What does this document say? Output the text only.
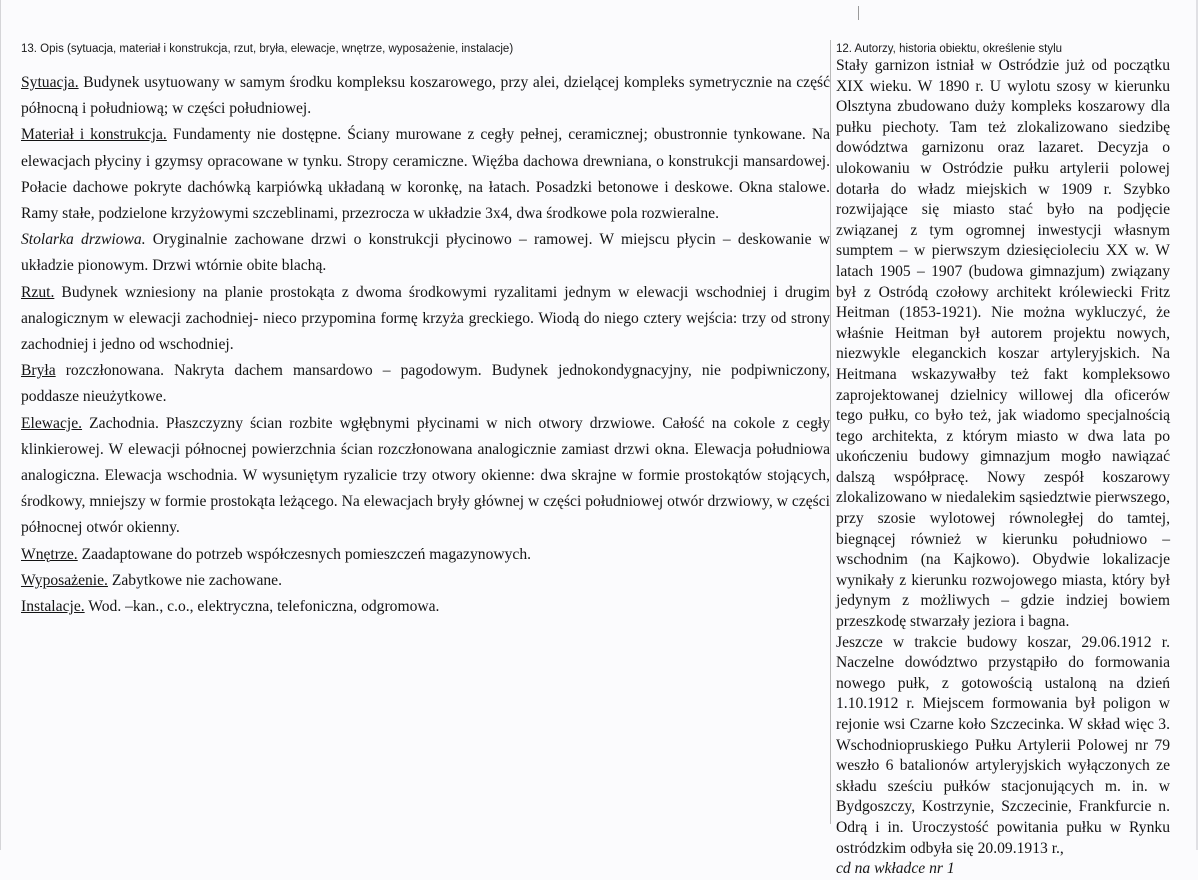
13. Opis (sytuacja, materiał i konstrukcja, rzut, bryła, elewacje, wnętrze, wyposażenie, instalacje)

Sytuacja. Budynek usytuowany w samym środku kompleksu koszarowego, przy alei, dzielącej kompleks symetrycznie na część północną i południową; w części południowej.

Materiał i konstrukcja. Fundamenty nie dostępne. Ściany murowane z cegły pełnej, ceramicznej; obustronnie tynkowane. Na elewacjach płyciny i gzymsy opracowane w tynku. Stropy ceramiczne. Więźba dachowa drewniana, o konstrukcji mansardowej. Połacie dachowe pokryte dachówką karpiówką układaną w koronkę, na łatach. Posadzki betonowe i deskowe. Okna stalowe. Ramy stałe, podzielone krzyżowymi szczeblinami, przezrocza w układzie 3x4, dwa środkowe pola rozwieralne.
Stolarka drzwiowa. Oryginalnie zachowane drzwi o konstrukcji płycinowo – ramowej. W miejscu płycin – deskowanie w układzie pionowym. Drzwi wtórnie obite blachą.

Rzut. Budynek wzniesiony na planie prostokąta z dwoma środkowymi ryzalitami jednym w elewacji wschodniej i drugim analogicznym w elewacji zachodniej- nieco przypomina formę krzyża greckiego. Wiodą do niego cztery wejścia: trzy od strony zachodniej i jedno od wschodniej.

Bryła rozczłonowana. Nakryta dachem mansardowo – pagodowym. Budynek jednokondygnacyjny, nie podpiwniczony, poddasze nieużytkowe.

Elewacje. Zachodnia. Płaszczyzny ścian rozbite wgłębnymi płycinami w nich otwory drzwiowe. Całość na cokole z cegły klinkierowej. W elewacji północnej powierzchnia ścian rozczłonowana analogicznie zamiast drzwi okna. Elewacja południowa analogiczna. Elewacja wschodnia. W wysuniętym ryzalicie trzy otwory okienne: dwa skrajne w formie prostokątów stojących, środkowy, mniejszy w formie prostokąta leżącego. Na elewacjach bryły głównej w części południowej otwór drzwiowy, w części północnej otwór okienny.

Wnętrze. Zaadaptowane do potrzeb współczesnych pomieszczeń magazynowych.

Wyposażenie. Zabytkowe nie zachowane.

Instalacje. Wod. –kan., c.o., elektryczna, telefoniczna, odgromowa.

12. Autorzy, historia obiektu, określenie stylu

Stały garnizon istniał w Ostródzie już od początku XIX wieku. W 1890 r. U wylotu szosy w kierunku Olsztyna zbudowano duży kompleks koszarowy dla pułku piechoty. Tam też zlokalizowano siedzibę dowództwa garnizonu oraz lazaret. Decyzja o ulokowaniu w Ostródzie pułku artylerii polowej dotarła do władz miejskich w 1909 r. Szybko rozwijające się miasto stać było na podjęcie związanej z tym ogromnej inwestycji własnym sumptem – w pierwszym dziesięcioleciu XX w. W latach 1905 – 1907 (budowa gimnazjum) związany był z Ostródą czołowy architekt królewiecki Fritz Heitman (1853-1921). Nie można wykluczyć, że właśnie Heitman był autorem projektu nowych, niezwykle eleganckich koszar artyleryjskich. Na Heitmana wskazywałby też fakt kompleksowo zaprojektowanej dzielnicy willowej dla oficerów tego pułku, co było też, jak wiadomo specjalnością tego architekta, z którym miasto w dwa lata po ukończeniu budowy gimnazjum mogło nawiązać dalszą współpracę. Nowy zespół koszarowy zlokalizowano w niedalekim sąsiedztwie pierwszego, przy szosie wylotowej równoległej do tamtej, biegnącej również w kierunku południowo – wschodnim (na Kajkowo). Obydwie lokalizacje wynikały z kierunku rozwojowego miasta, który był jedynym z możliwych – gdzie indziej bowiem przeszkodę stwarzały jeziora i bagna.

Jeszcze w trakcie budowy koszar, 29.06.1912 r. Naczelne dowództwo przystąpiło do formowania nowego pułk, z gotowością ustaloną na dzień 1.10.1912 r. Miejscem formowania był poligon w rejonie wsi Czarne koło Szczecinka. W skład więc 3. Wschodniopruskiego Pułku Artylerii Polowej nr 79 weszło 6 batalionów artyleryjskich wyłączonych ze składu sześciu pułków stacjonujących m. in. w Bydgoszczy, Kostrzynie, Szczecinie, Frankfurcie n. Odrą i in. Uroczystość powitania pułku w Rynku ostródzkim odbyła się 20.09.1913 r.,

cd na wkładce nr 1
